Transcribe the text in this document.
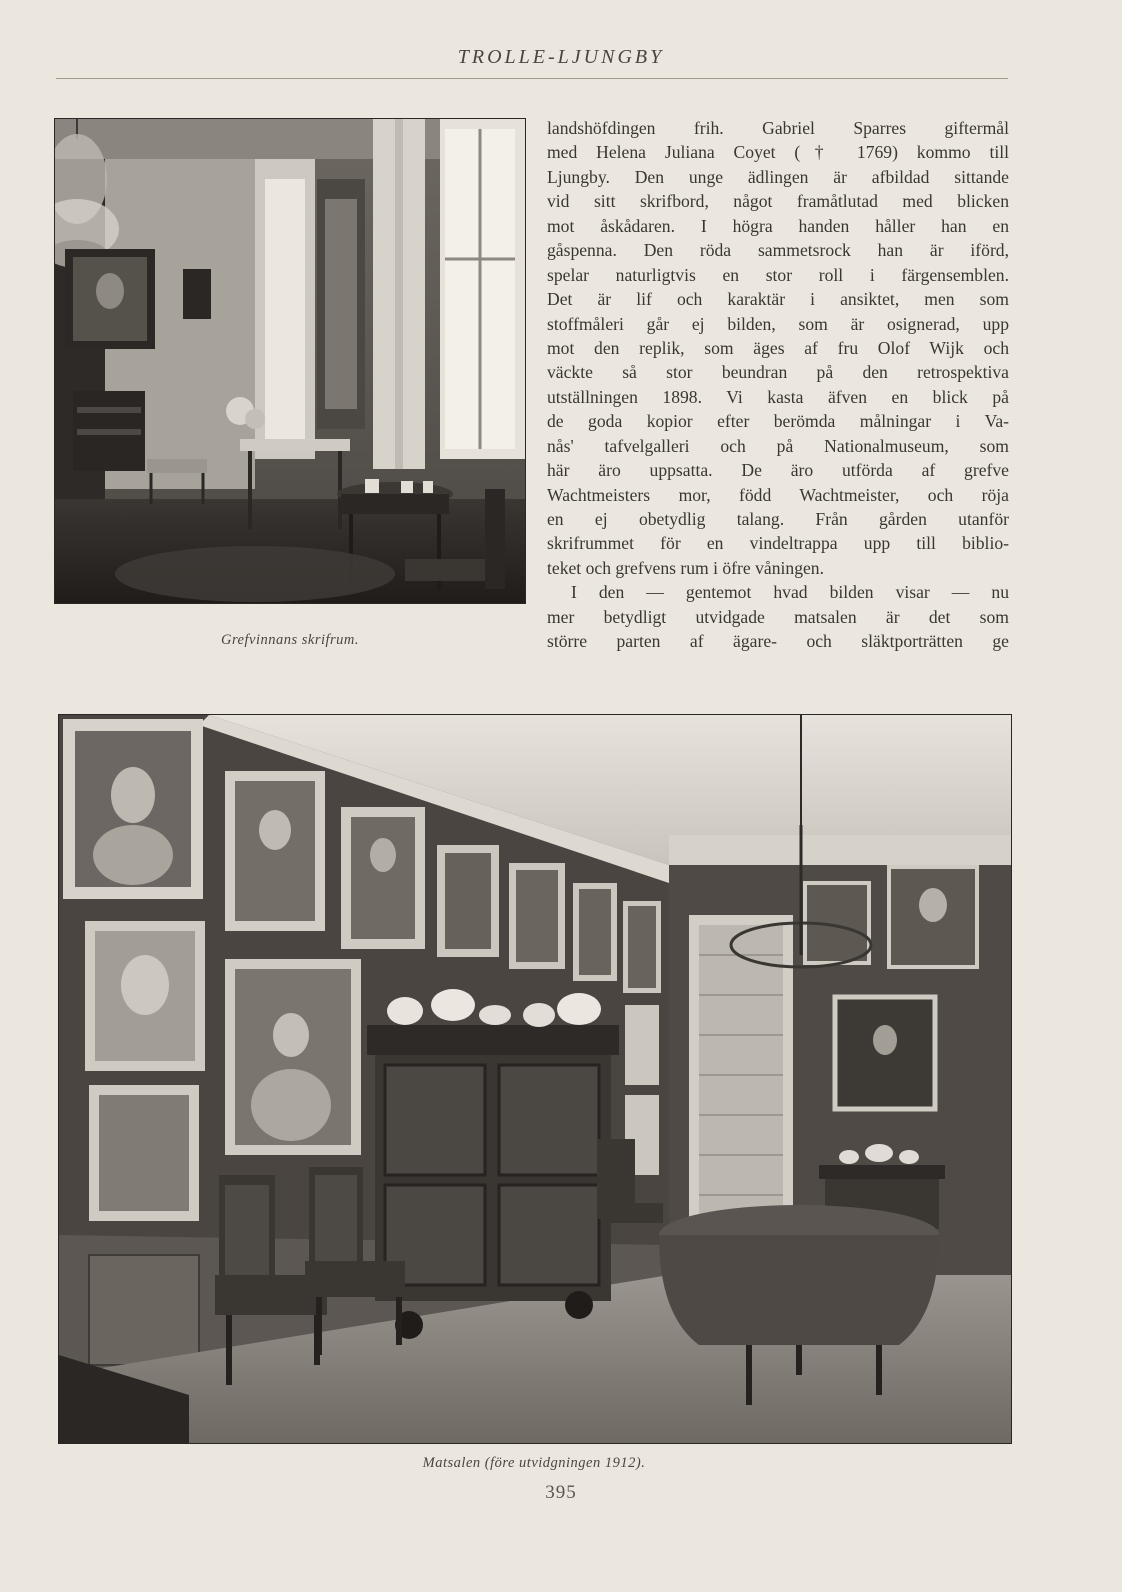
TROLLE-LJUNGBY
Grefvinnans skrifrum.
landshöfdingen frih. Gabriel Sparres giftermål
med Helena Juliana Coyet († 1769) kommo till
Ljungby. Den unge ädlingen är afbildad sittande
vid sitt skrifbord, något framåtlutad med blicken
mot åskådaren. I högra handen håller han en
gåspenna. Den röda sammetsrock han är iförd,
spelar naturligtvis en stor roll i färgensemblen.
Det är lif och karaktär i ansiktet, men som
stoffmåleri går ej bilden, som är osignerad, upp
mot den replik, som äges af fru Olof Wijk och
väckte så stor beundran på den retrospektiva
utställningen 1898. Vi kasta äfven en blick på
de goda kopior efter berömda målningar i Va-
nås' tafvelgalleri och på Nationalmuseum, som
här äro uppsatta. De äro utförda af grefve
Wachtmeisters mor, född Wachtmeister, och röja
en ej obetydlig talang. Från gården utanför
skrifrummet för en vindeltrappa upp till biblio-
teket och grefvens rum i öfre våningen.
I den — gentemot hvad bilden visar — nu
mer betydligt utvidgade matsalen är det som
större parten af ägare- och släktporträtten ge
Matsalen (före utvidgningen 1912).
395
